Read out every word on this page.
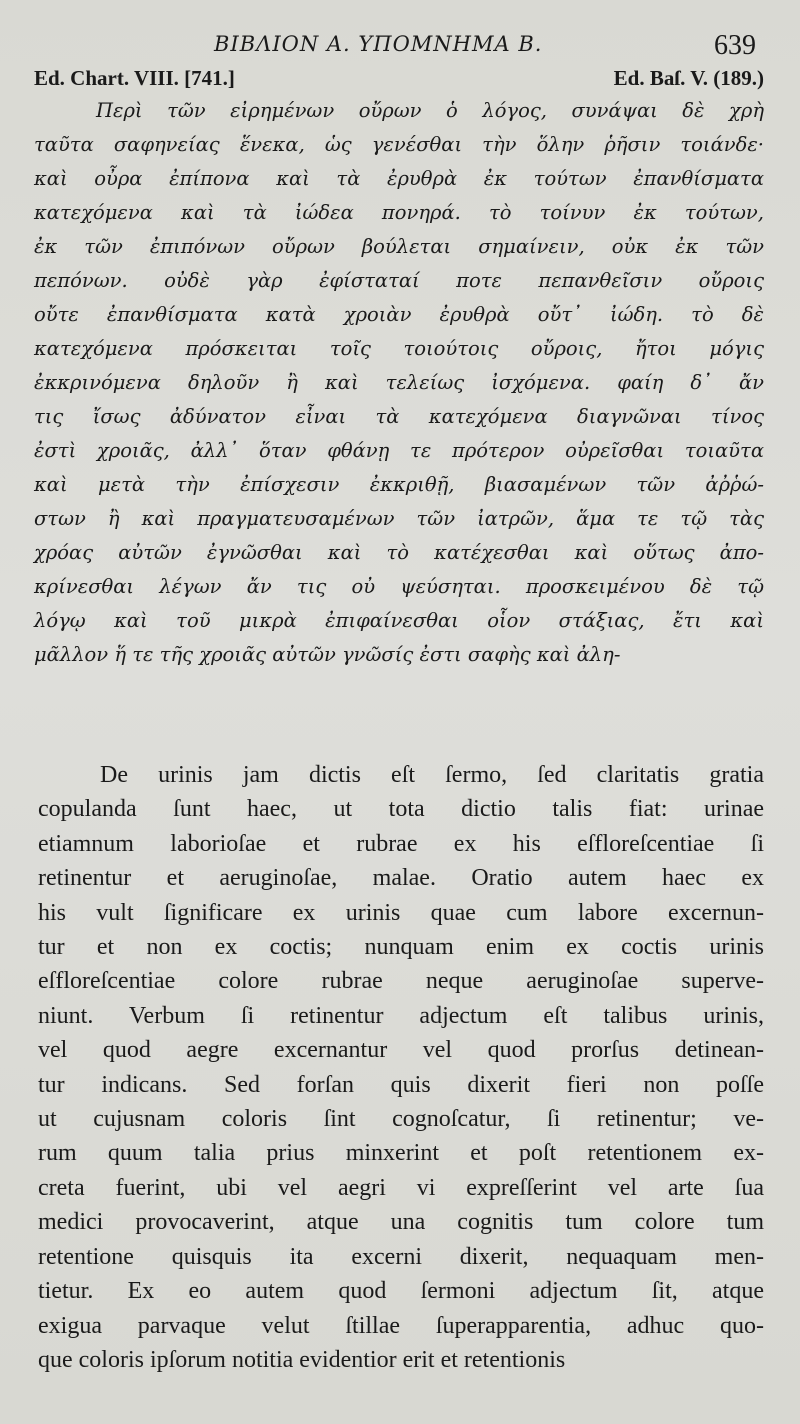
ΒΙΒΛΙΟΝ Α. ΥΠΟΜΝΗΜΑ Β.	639
Ed. Chart. VIII. [741.]	Ed. Baſ. V. (189.)
Περὶ τῶν εἰρημένων οὔρων ὁ λόγος, συνάψαι δὲ χρὴ
ταῦτα σαφηνείας ἕνεκα, ὡς γενέσθαι τὴν ὅλην ῥῆσιν τοιάνδε·
καὶ οὖρα ἐπίπονα καὶ τὰ ἐρυθρὰ ἐκ τούτων ἐπανθίσματα
κατεχόμενα καὶ τὰ ἰώδεα πονηρά. τὸ τοίνυν ἐκ τούτων,
ἐκ τῶν ἐπιπόνων οὔρων βούλεται σημαίνειν, οὐκ ἐκ τῶν
πεπόνων. οὐδὲ γὰρ ἐφίσταταί ποτε πεπανθεῖσιν οὔροις
οὔτε ἐπανθίσματα κατὰ χροιὰν ἐρυθρὰ οὔτ᾽ ἰώδη. τὸ δὲ
κατεχόμενα πρόσκειται τοῖς τοιούτοις οὔροις, ἤτοι μόγις
ἐκκρινόμενα δηλοῦν ἢ καὶ τελείως ἰσχόμενα. φαίη δ᾽ ἄν
τις ἴσως ἀδύνατον εἶναι τὰ κατεχόμενα διαγνῶναι τίνος
ἐστὶ χροιᾶς, ἀλλ᾽ ὅταν φθάνῃ τε πρότερον οὐρεῖσθαι τοιαῦτα
καὶ μετὰ τὴν ἐπίσχεσιν ἐκκριθῇ, βιασαμένων τῶν ἀῤῥώ-
στων ἢ καὶ πραγματευσαμένων τῶν ἰατρῶν, ἅμα τε τῷ τὰς
χρόας αὐτῶν ἐγνῶσθαι καὶ τὸ κατέχεσθαι καὶ οὕτως ἀπο-
κρίνεσθαι λέγων ἄν τις οὐ ψεύσηται. προσκειμένου δὲ τῷ
λόγῳ καὶ τοῦ μικρὰ ἐπιφαίνεσθαι οἷον στάξιας, ἔτι καὶ
μᾶλλον ἥ τε τῆς χροιᾶς αὐτῶν γνῶσίς ἐστι σαφὴς καὶ ἀλη-
De urinis jam dictis eſt ſermo, ſed claritatis gratia
copulanda ſunt haec, ut tota dictio talis fiat: urinae
etiamnum laborioſae et rubrae ex his eſfloreſcentiae ſi
retinentur et aeruginoſae, malae. Oratio autem haec ex
his vult ſignificare ex urinis quae cum labore excernun-
tur et non ex coctis; nunquam enim ex coctis urinis
eſfloreſcentiae colore rubrae neque aeruginoſae superve-
niunt. Verbum ſi retinentur adjectum eſt talibus urinis,
vel quod aegre excernantur vel quod prorſus detinean-
tur indicans. Sed forſan quis dixerit fieri non poſſe
ut cujusnam coloris ſint cognoſcatur, ſi retinentur; ve-
rum quum talia prius minxerint et poſt retentionem ex-
creta fuerint, ubi vel aegri vi expreſſerint vel arte ſua
medici provocaverint, atque una cognitis tum colore tum
retentione quisquis ita excerni dixerit, nequaquam men-
tietur. Ex eo autem quod ſermoni adjectum ſit, atque
exigua parvaque velut ſtillae ſuperapparentia, adhuc quo-
que coloris ipſorum notitia evidentior erit et retentionis
